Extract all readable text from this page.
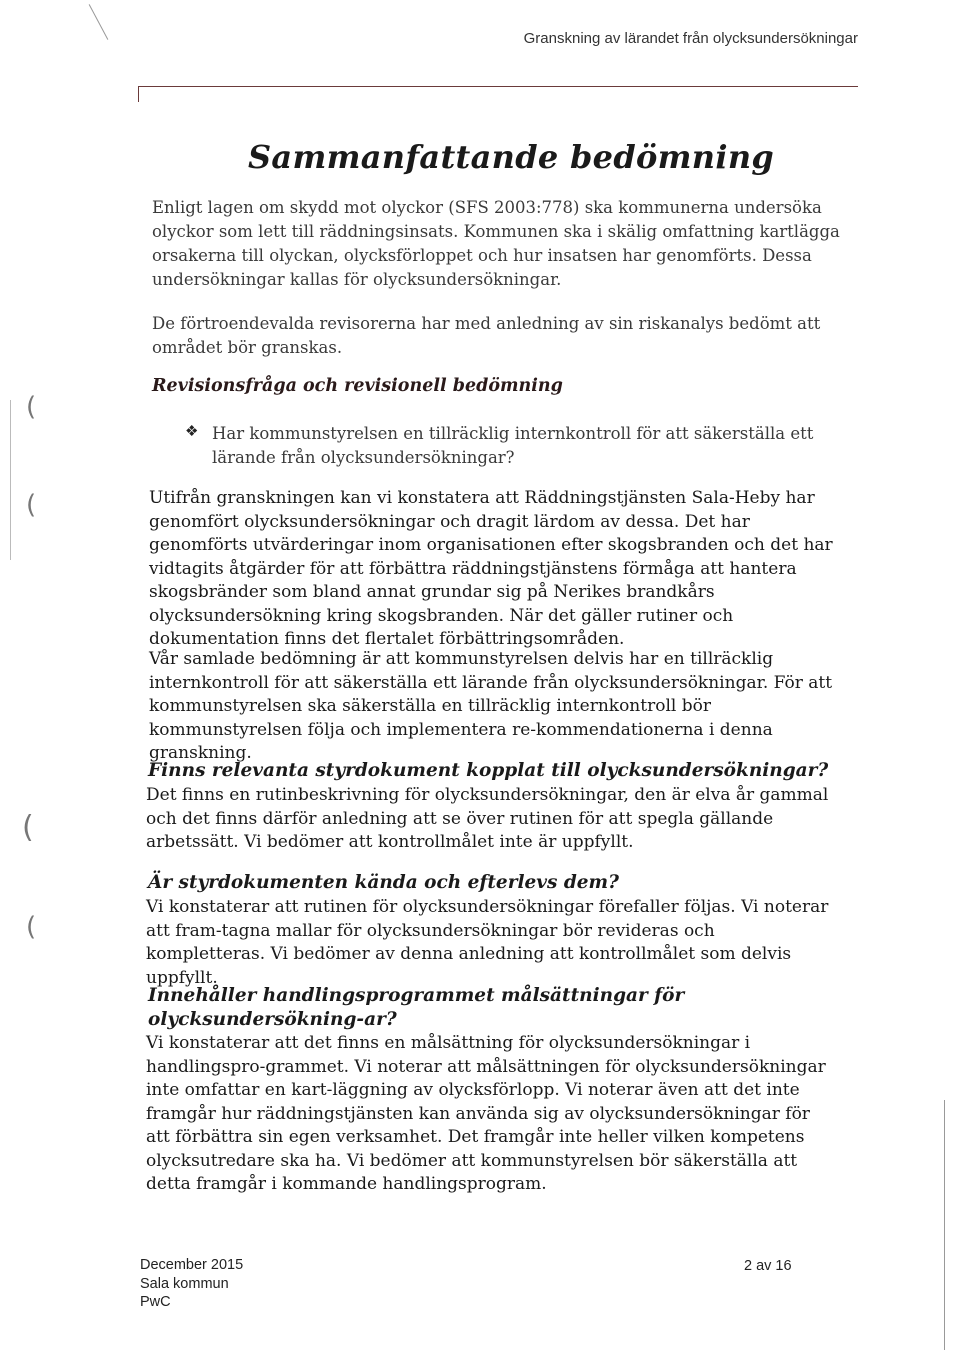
Granskning av lärandet från olycksundersökningar
Sammanfattande bedömning

Enligt lagen om skydd mot olyckor (SFS 2003:778) ska kommunerna undersöka olyckor som lett till räddningsinsats. Kommunen ska i skälig omfattning kartlägga orsakerna till olyckan, olycksförloppet och hur insatsen har genomförts. Dessa undersökningar kallas för olycksundersökningar.

De förtroendevalda revisorerna har med anledning av sin riskanalys bedömt att området bör granskas.

Revisionsfråga och revisionell bedömning
❖ Har kommunstyrelsen en tillräcklig internkontroll för att säkerställa ett lärande från olycksundersökningar?

Utifrån granskningen kan vi konstatera att Räddningstjänsten Sala-Heby har genomfört olycksundersökningar och dragit lärdom av dessa. Det har genomförts utvärderingar inom organisationen efter skogsbranden och det har vidtagits åtgärder för att förbättra räddningstjänstens förmåga att hantera skogsbränder som bland annat grundar sig på Nerikes brandkårs olycksundersökning kring skogsbranden. När det gäller rutiner och dokumentation finns det flertalet förbättringsområden.

Vår samlade bedömning är att kommunstyrelsen delvis har en tillräcklig internkontroll för att säkerställa ett lärande från olycksundersökningar. För att kommunstyrelsen ska säkerställa en tillräcklig internkontroll bör kommunstyrelsen följa och implementera re-kommendationerna i denna granskning.

Finns relevanta styrdokument kopplat till olycksundersökningar?

Det finns en rutinbeskrivning för olycksundersökningar, den är elva år gammal och det finns därför anledning att se över rutinen för att spegla gällande arbetssätt. Vi bedömer att kontrollmålet inte är uppfyllt.

Är styrdokumenten kända och efterlevs dem?

Vi konstaterar att rutinen för olycksundersökningar förefaller följas. Vi noterar att fram-tagna mallar för olycksundersökningar bör revideras och kompletteras. Vi bedömer av denna anledning att kontrollmålet som delvis uppfyllt.

Innehåller handlingsprogrammet målsättningar för olycksundersökning-ar?

Vi konstaterar att det finns en målsättning för olycksundersökningar i handlingspro-grammet. Vi noterar att målsättningen för olycksundersökningar inte omfattar en kart-läggning av olycksförlopp. Vi noterar även att det inte framgår hur räddningstjänsten kan använda sig av olycksundersökningar för att förbättra sin egen verksamhet. Det framgår inte heller vilken kompetens olycksutredare ska ha. Vi bedömer att kommunstyrelsen bör säkerställa att detta framgår i kommande handlingsprogram.

December 2015
Sala kommun
PwC
2 av 16
(
(
(
(
